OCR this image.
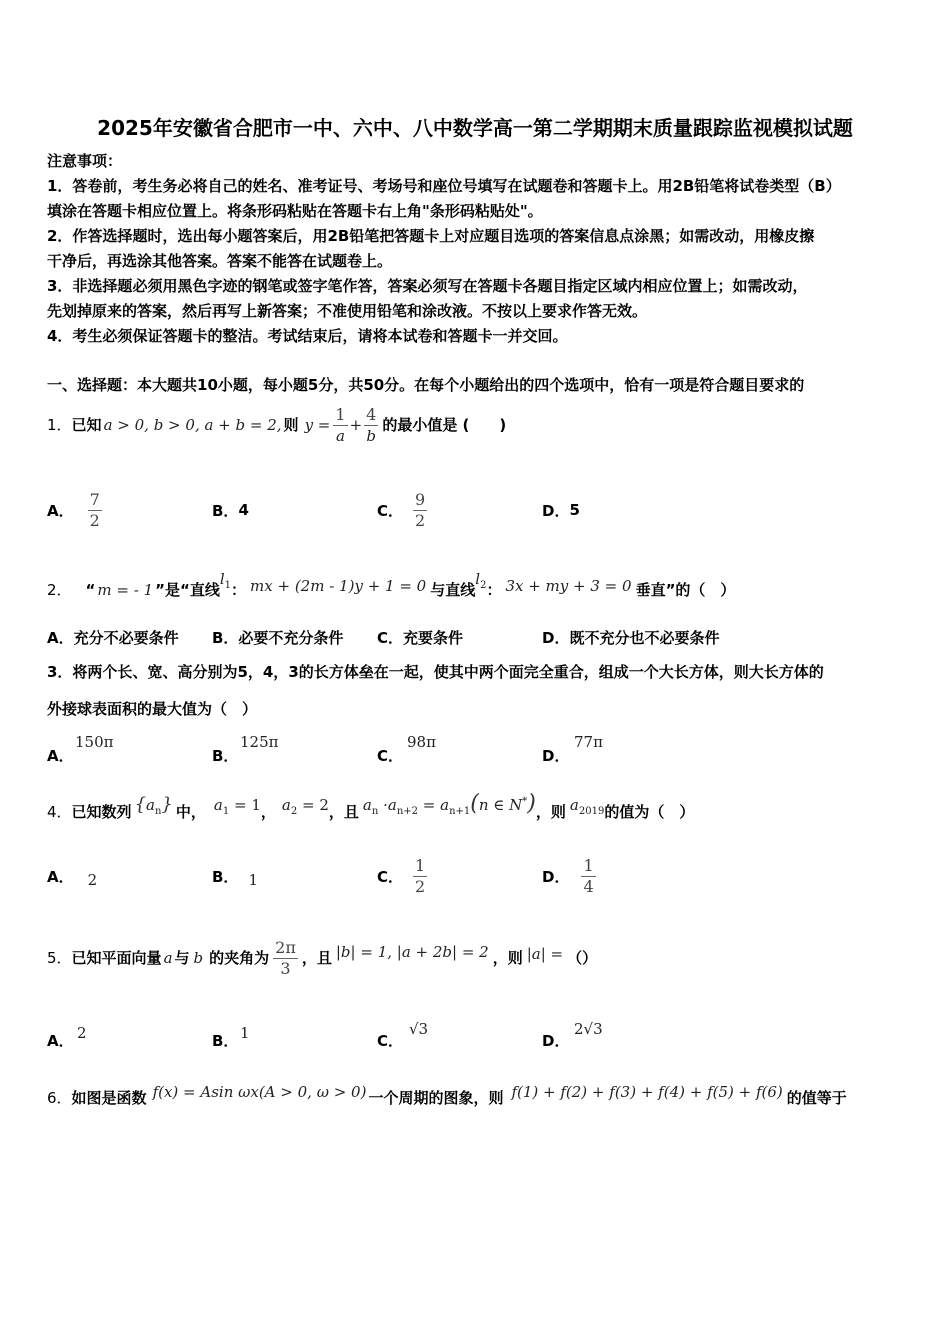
2025年安徽省合肥市一中、六中、八中数学高一第二学期期末质量跟踪监视模拟试题
注意事项：
1．答卷前，考生务必将自己的姓名、准考证号、考场号和座位号填写在试题卷和答题卡上。用2B铅笔将试卷类型（B）
填涂在答题卡相应位置上。将条形码粘贴在答题卡右上角"条形码粘贴处"。
2．作答选择题时，选出每小题答案后，用2B铅笔把答题卡上对应题目选项的答案信息点涂黑；如需改动，用橡皮擦
干净后，再选涂其他答案。答案不能答在试题卷上。
3．非选择题必须用黑色字迹的钢笔或签字笔作答，答案必须写在答题卡各题目指定区域内相应位置上；如需改动，
先划掉原来的答案，然后再写上新答案；不准使用铅笔和涂改液。不按以上要求作答无效。
4．考生必须保证答题卡的整洁。考试结束后，请将本试卷和答题卡一并交回。
一、选择题：本大题共10小题，每小题5分，共50分。在每个小题给出的四个选项中，恰有一项是符合题目要求的
1． 已知 a > 0, b > 0, a + b = 2, 则 $y = \frac{1}{a} + \frac{4}{b}$ 的最小值是 (　　)
A． $\frac{7}{2}$	B． 4	C． $\frac{9}{2}$	D． 5
2． “ m = - 1 ” 是“直线
$l_1$ ： mx + (2m - 1)y + 1 = 0 与直线
$l_2$ ： 3x + my + 3 = 0 垂直”的（　）
A．充分不必要条件 B．必要不充分条件 C．充要条件	D．既不充分也不必要条件
3．将两个长、宽、高分别为5，4，3的长方体垒在一起，使其中两个面完全重合，组成一个大长方体，则大长方体的
外接球表面积的最大值为（　）
A．
150π
B．
125π
C．
98π
D．
77π
4． 已知数列 $\{a_n\}$ 中， $a_1 = 1$ ， $a_2 = 2$ ，且 $a_n \cdot a_{n+2} = a_{n+1}(n$ ∈ N*) ，则 $a_{2019}$ 的值为（　）
A． 2	B． 1	C． $\frac{1}{2}$	D． $\frac{1}{4}$
5． 已知平面向量 a 与 b 的夹角为 $\frac{2\pi}{3}$ ，且 |b| = 1, |a + 2b| = 2 ，则 |a| = （）
A． 2	B． 1	C．
√3
D．
2√3
6． 如图是函数 f(x) = Asin ωx(A > 0, ω > 0) 一个周期的图象，则 f(1) + f(2) + f(3) + f(4) + f(5) + f(6) 的值等于
